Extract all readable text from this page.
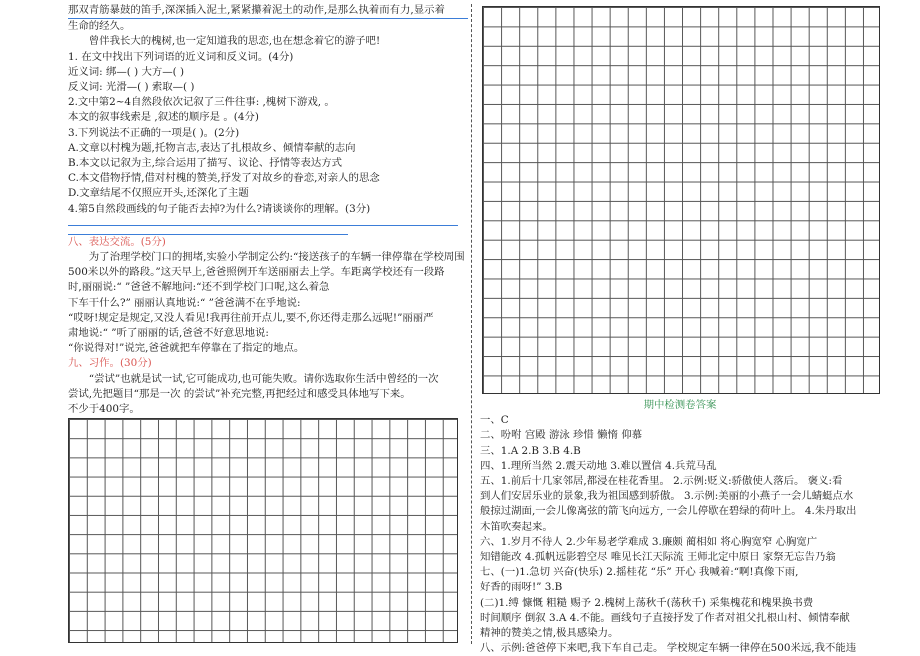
那双青筋暴鼓的笛手,深深插入泥土,紧紧攥着泥土的动作,是那么执着而有力,显示着
生命的经久。
曾伴我长大的槐树,也一定知道我的思恋,也在想念着它的游子吧!
1. 在文中找出下列词语的近义词和反义词。(4分)
近义词: 绑—( ) 大方—( )
反义词: 光滑—( ) 索取—( )
2.文中第2~4自然段依次记叙了三件往事: ,槐树下游戏, 。
本文的叙事线索是 ,叙述的顺序是 。(4分)
3.下列说法不正确的一项是( )。(2分)
A.文章以村槐为题,托物言志,表达了扎根故乡、倾情奉献的志向
B.本文以记叙为主,综合运用了描写、议论、抒情等表达方式
C.本文借物抒情,借对村槐的赞美,抒发了对故乡的眷恋,对亲人的思念
D.文章结尾不仅照应开头,还深化了主题
4.第5自然段画线的句子能否去掉?为什么?请谈谈你的理解。(3分)
八、表达交流。(5分)
为了治理学校门口的拥堵,实验小学制定公约:“接送孩子的车辆一律停靠在学校周围
500米以外的路段。”这天早上,爸爸照例开车送丽丽去上学。车距离学校还有一段路
时,丽丽说:“ ”爸爸不解地问:“还不到学校门口呢,这么着急
下车干什么?” 丽丽认真地说:“ ”爸爸满不在乎地说:
“哎呀!规定是规定,又没人看见!我再往前开点儿,要不,你还得走那么远呢!”丽丽严
肃地说:“ ”听了丽丽的话,爸爸不好意思地说:
“你说得对!”说完,爸爸就把车停靠在了指定的地点。
九、习作。(30分)
“尝试”也就是试一试,它可能成功,也可能失败。请你选取你生活中曾经的一次
尝试,先把题目“那是一次 的尝试”补充完整,再把经过和感受具体地写下来。
不少于400字。	期中检测卷答案
一、C
二、吩咐 宫殿 游泳 珍惜 懒惰 仰慕
三、1.A 2.B 3.B 4.B
四、1.理所当然 2.震天动地 3.难以置信 4.兵荒马乱
五、1.前后十几家邻居,都浸在桂花香里。 2.示例:贬义:骄傲使人落后。 褒义:看
到人们安居乐业的景象,我为祖国感到骄傲。 3.示例:美丽的小燕子一会儿蜻蜓点水
般掠过湖面,一会儿像离弦的箭飞向远方, 一会儿停歇在碧绿的荷叶上。 4.朱丹取出
木笛吹奏起来。
六、1.岁月不待人 2.少年易老学难成 3.廉颇 蔺相如 将心胸宽窄 心胸宽广
知错能改 4.孤帆远影碧空尽 唯见长江天际流 王师北定中原日 家祭无忘告乃翁
七、(一)1.急切 兴奋(快乐) 2.摇桂花 “乐” 开心 我喊着:“啊!真像下雨,
好香的雨呀!” 3.B
(二)1.缚 慷慨 粗糙 赐予 2.槐树上荡秋千(荡秋千) 采集槐花和槐果换书费
时间顺序 倒叙 3.A 4.不能。画线句子直接抒发了作者对祖父扎根山村、倾情奉献
精神的赞美之情,极具感染力。
八、示例:爸爸停下来吧,我下车自己走。 学校规定车辆一律停在500米远,我不能违
